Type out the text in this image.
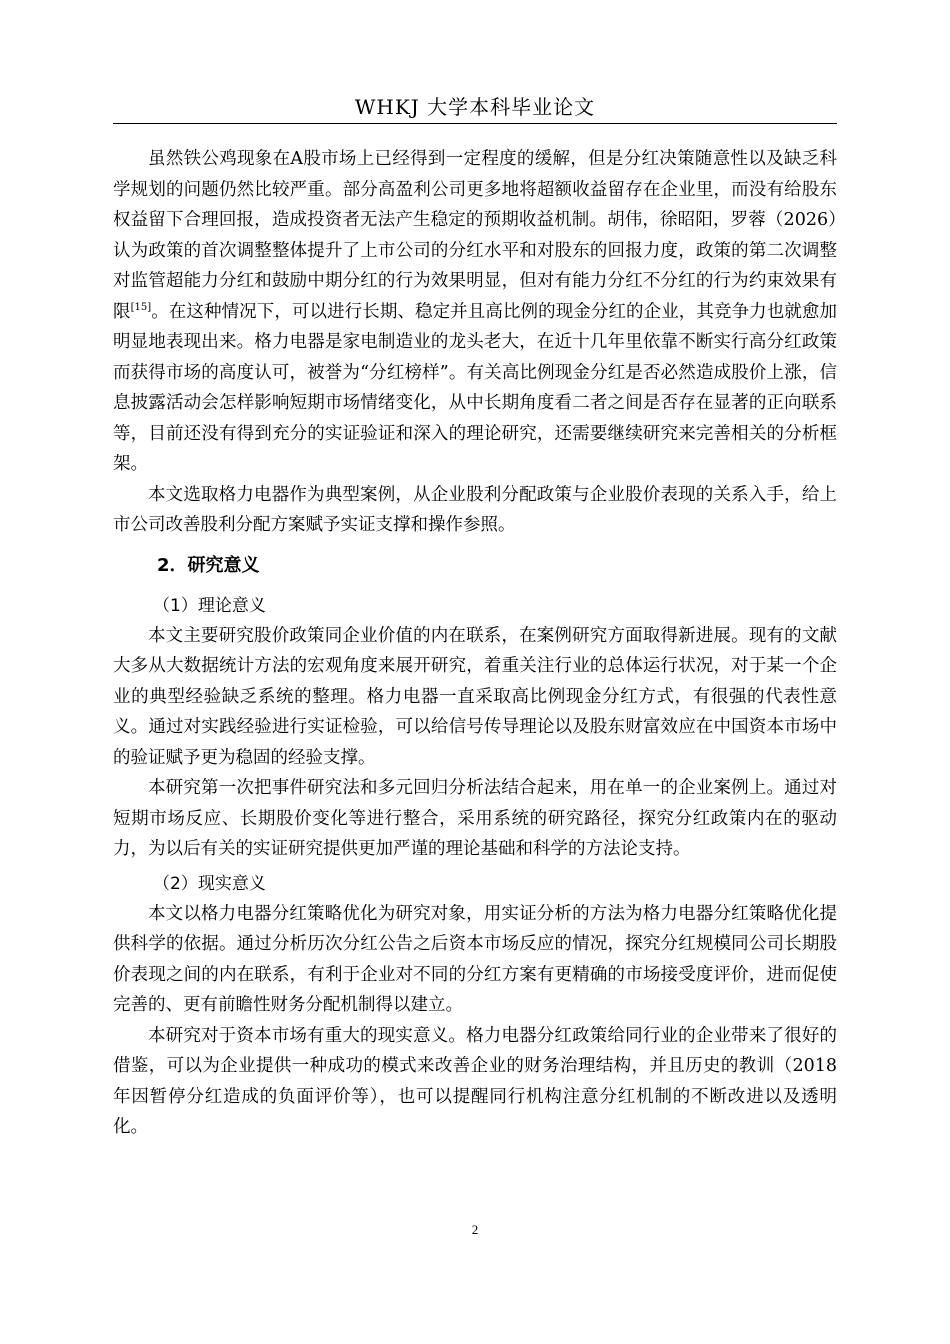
WHKJ 大学本科毕业论文

虽然铁公鸡现象在A股市场上已经得到一定程度的缓解，但是分红决策随意性以及缺乏科学规划的问题仍然比较严重。部分高盈利公司更多地将超额收益留存在企业里，而没有给股东权益留下合理回报，造成投资者无法产生稳定的预期收益机制。胡伟，徐昭阳，罗蓉（2026）认为政策的首次调整整体提升了上市公司的分红水平和对股东的回报力度，政策的第二次调整对监管超能力分红和鼓励中期分红的行为效果明显，但对有能力分红不分红的行为约束效果有限[15]。在这种情况下，可以进行长期、稳定并且高比例的现金分红的企业，其竞争力也就愈加明显地表现出来。格力电器是家电制造业的龙头老大，在近十几年里依靠不断实行高分红政策而获得市场的高度认可，被誉为“分红榜样”。有关高比例现金分红是否必然造成股价上涨，信息披露活动会怎样影响短期市场情绪变化，从中长期角度看二者之间是否存在显著的正向联系等，目前还没有得到充分的实证验证和深入的理论研究，还需要继续研究来完善相关的分析框架。

本文选取格力电器作为典型案例，从企业股利分配政策与企业股价表现的关系入手，给上市公司改善股利分配方案赋予实证支撑和操作参照。

2．研究意义
（1）理论意义

本文主要研究股价政策同企业价值的内在联系，在案例研究方面取得新进展。现有的文献大多从大数据统计方法的宏观角度来展开研究，着重关注行业的总体运行状况，对于某一个企业的典型经验缺乏系统的整理。格力电器一直采取高比例现金分红方式，有很强的代表性意义。通过对实践经验进行实证检验，可以给信号传导理论以及股东财富效应在中国资本市场中的验证赋予更为稳固的经验支撑。

本研究第一次把事件研究法和多元回归分析法结合起来，用在单一的企业案例上。通过对短期市场反应、长期股价变化等进行整合，采用系统的研究路径，探究分红政策内在的驱动力，为以后有关的实证研究提供更加严谨的理论基础和科学的方法论支持。

（2）现实意义

本文以格力电器分红策略优化为研究对象，用实证分析的方法为格力电器分红策略优化提供科学的依据。通过分析历次分红公告之后资本市场反应的情况，探究分红规模同公司长期股价表现之间的内在联系，有利于企业对不同的分红方案有更精确的市场接受度评价，进而促使完善的、更有前瞻性财务分配机制得以建立。

本研究对于资本市场有重大的现实意义。格力电器分红政策给同行业的企业带来了很好的借鉴，可以为企业提供一种成功的模式来改善企业的财务治理结构，并且历史的教训（2018年因暂停分红造成的负面评价等），也可以提醒同行机构注意分红机制的不断改进以及透明化。

2
